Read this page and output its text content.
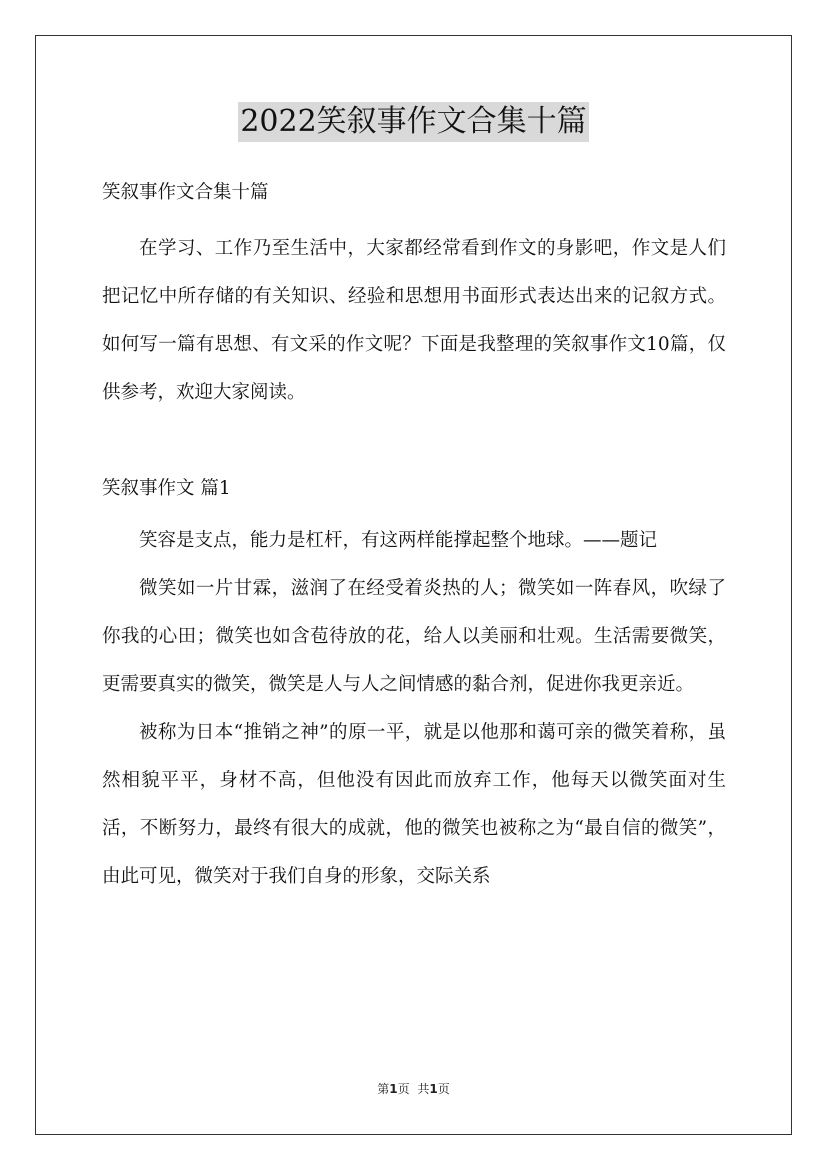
2022笑叙事作文合集十篇

笑叙事作文合集十篇

在学习、工作乃至生活中，大家都经常看到作文的身影吧，作文是人们把记忆中所存储的有关知识、经验和思想用书面形式表达出来的记叙方式。如何写一篇有思想、有文采的作文呢？下面是我整理的笑叙事作文10篇，仅供参考，欢迎大家阅读。

笑叙事作文 篇1

笑容是支点，能力是杠杆，有这两样能撑起整个地球。——题记

微笑如一片甘霖，滋润了在经受着炎热的人；微笑如一阵春风，吹绿了你我的心田；微笑也如含苞待放的花，给人以美丽和壮观。生活需要微笑，更需要真实的微笑，微笑是人与人之间情感的黏合剂，促进你我更亲近。

被称为日本“推销之神”的原一平，就是以他那和蔼可亲的微笑着称，虽然相貌平平，身材不高，但他没有因此而放弃工作，他每天以微笑面对生活，不断努力，最终有很大的成就，他的微笑也被称之为“最自信的微笑”，由此可见，微笑对于我们自身的形象，交际关系

第1页 共1页
